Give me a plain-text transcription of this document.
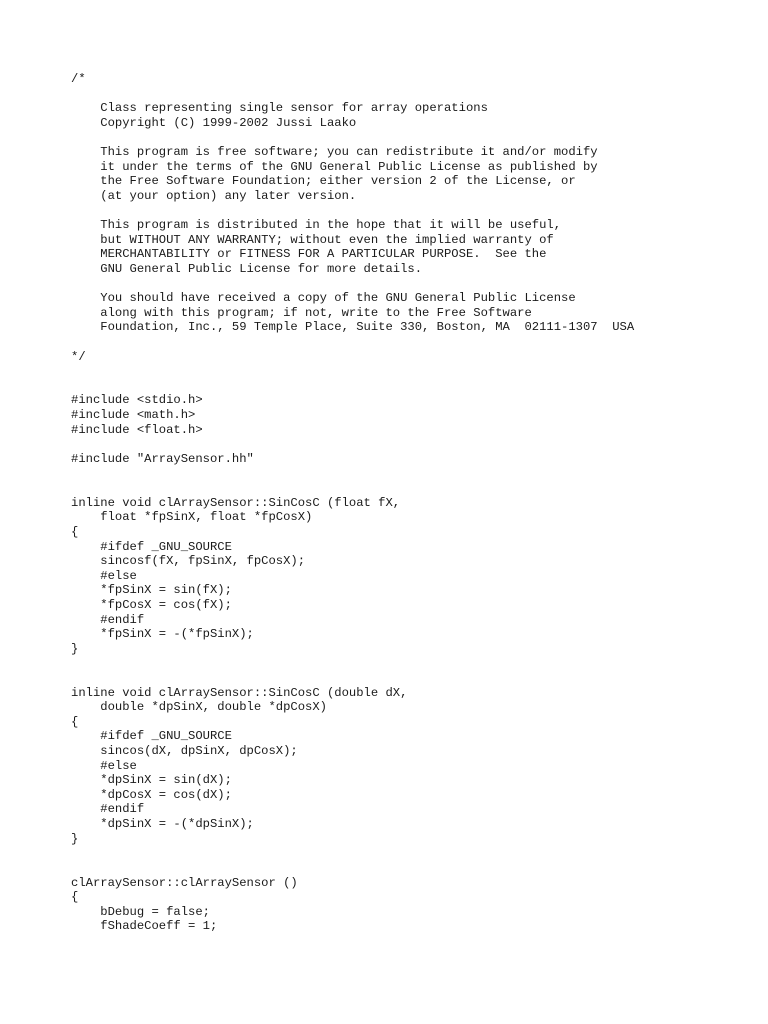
/*
Class representing single sensor for array operations
Copyright (C) 1999-2002 Jussi Laako
This program is free software; you can redistribute it and/or modify
it under the terms of the GNU General Public License as published by
the Free Software Foundation; either version 2 of the License, or
(at your option) any later version.
This program is distributed in the hope that it will be useful,
but WITHOUT ANY WARRANTY; without even the implied warranty of
MERCHANTABILITY or FITNESS FOR A PARTICULAR PURPOSE.  See the
GNU General Public License for more details.
You should have received a copy of the GNU General Public License
along with this program; if not, write to the Free Software
Foundation, Inc., 59 Temple Place, Suite 330, Boston, MA  02111-1307  USA
*/
#include <stdio.h>
#include <math.h>
#include <float.h>
#include "ArraySensor.hh"
inline void clArraySensor::SinCosC (float fX,
float *fpSinX, float *fpCosX)
{
#ifdef _GNU_SOURCE
sincosf(fX, fpSinX, fpCosX);
#else
*fpSinX = sin(fX);
*fpCosX = cos(fX);
#endif
*fpSinX = -(*fpSinX);
}
inline void clArraySensor::SinCosC (double dX,
double *dpSinX, double *dpCosX)
{
#ifdef _GNU_SOURCE
sincos(dX, dpSinX, dpCosX);
#else
*dpSinX = sin(dX);
*dpCosX = cos(dX);
#endif
*dpSinX = -(*dpSinX);
}
clArraySensor::clArraySensor ()
{
bDebug = false;
fShadeCoeff = 1;
